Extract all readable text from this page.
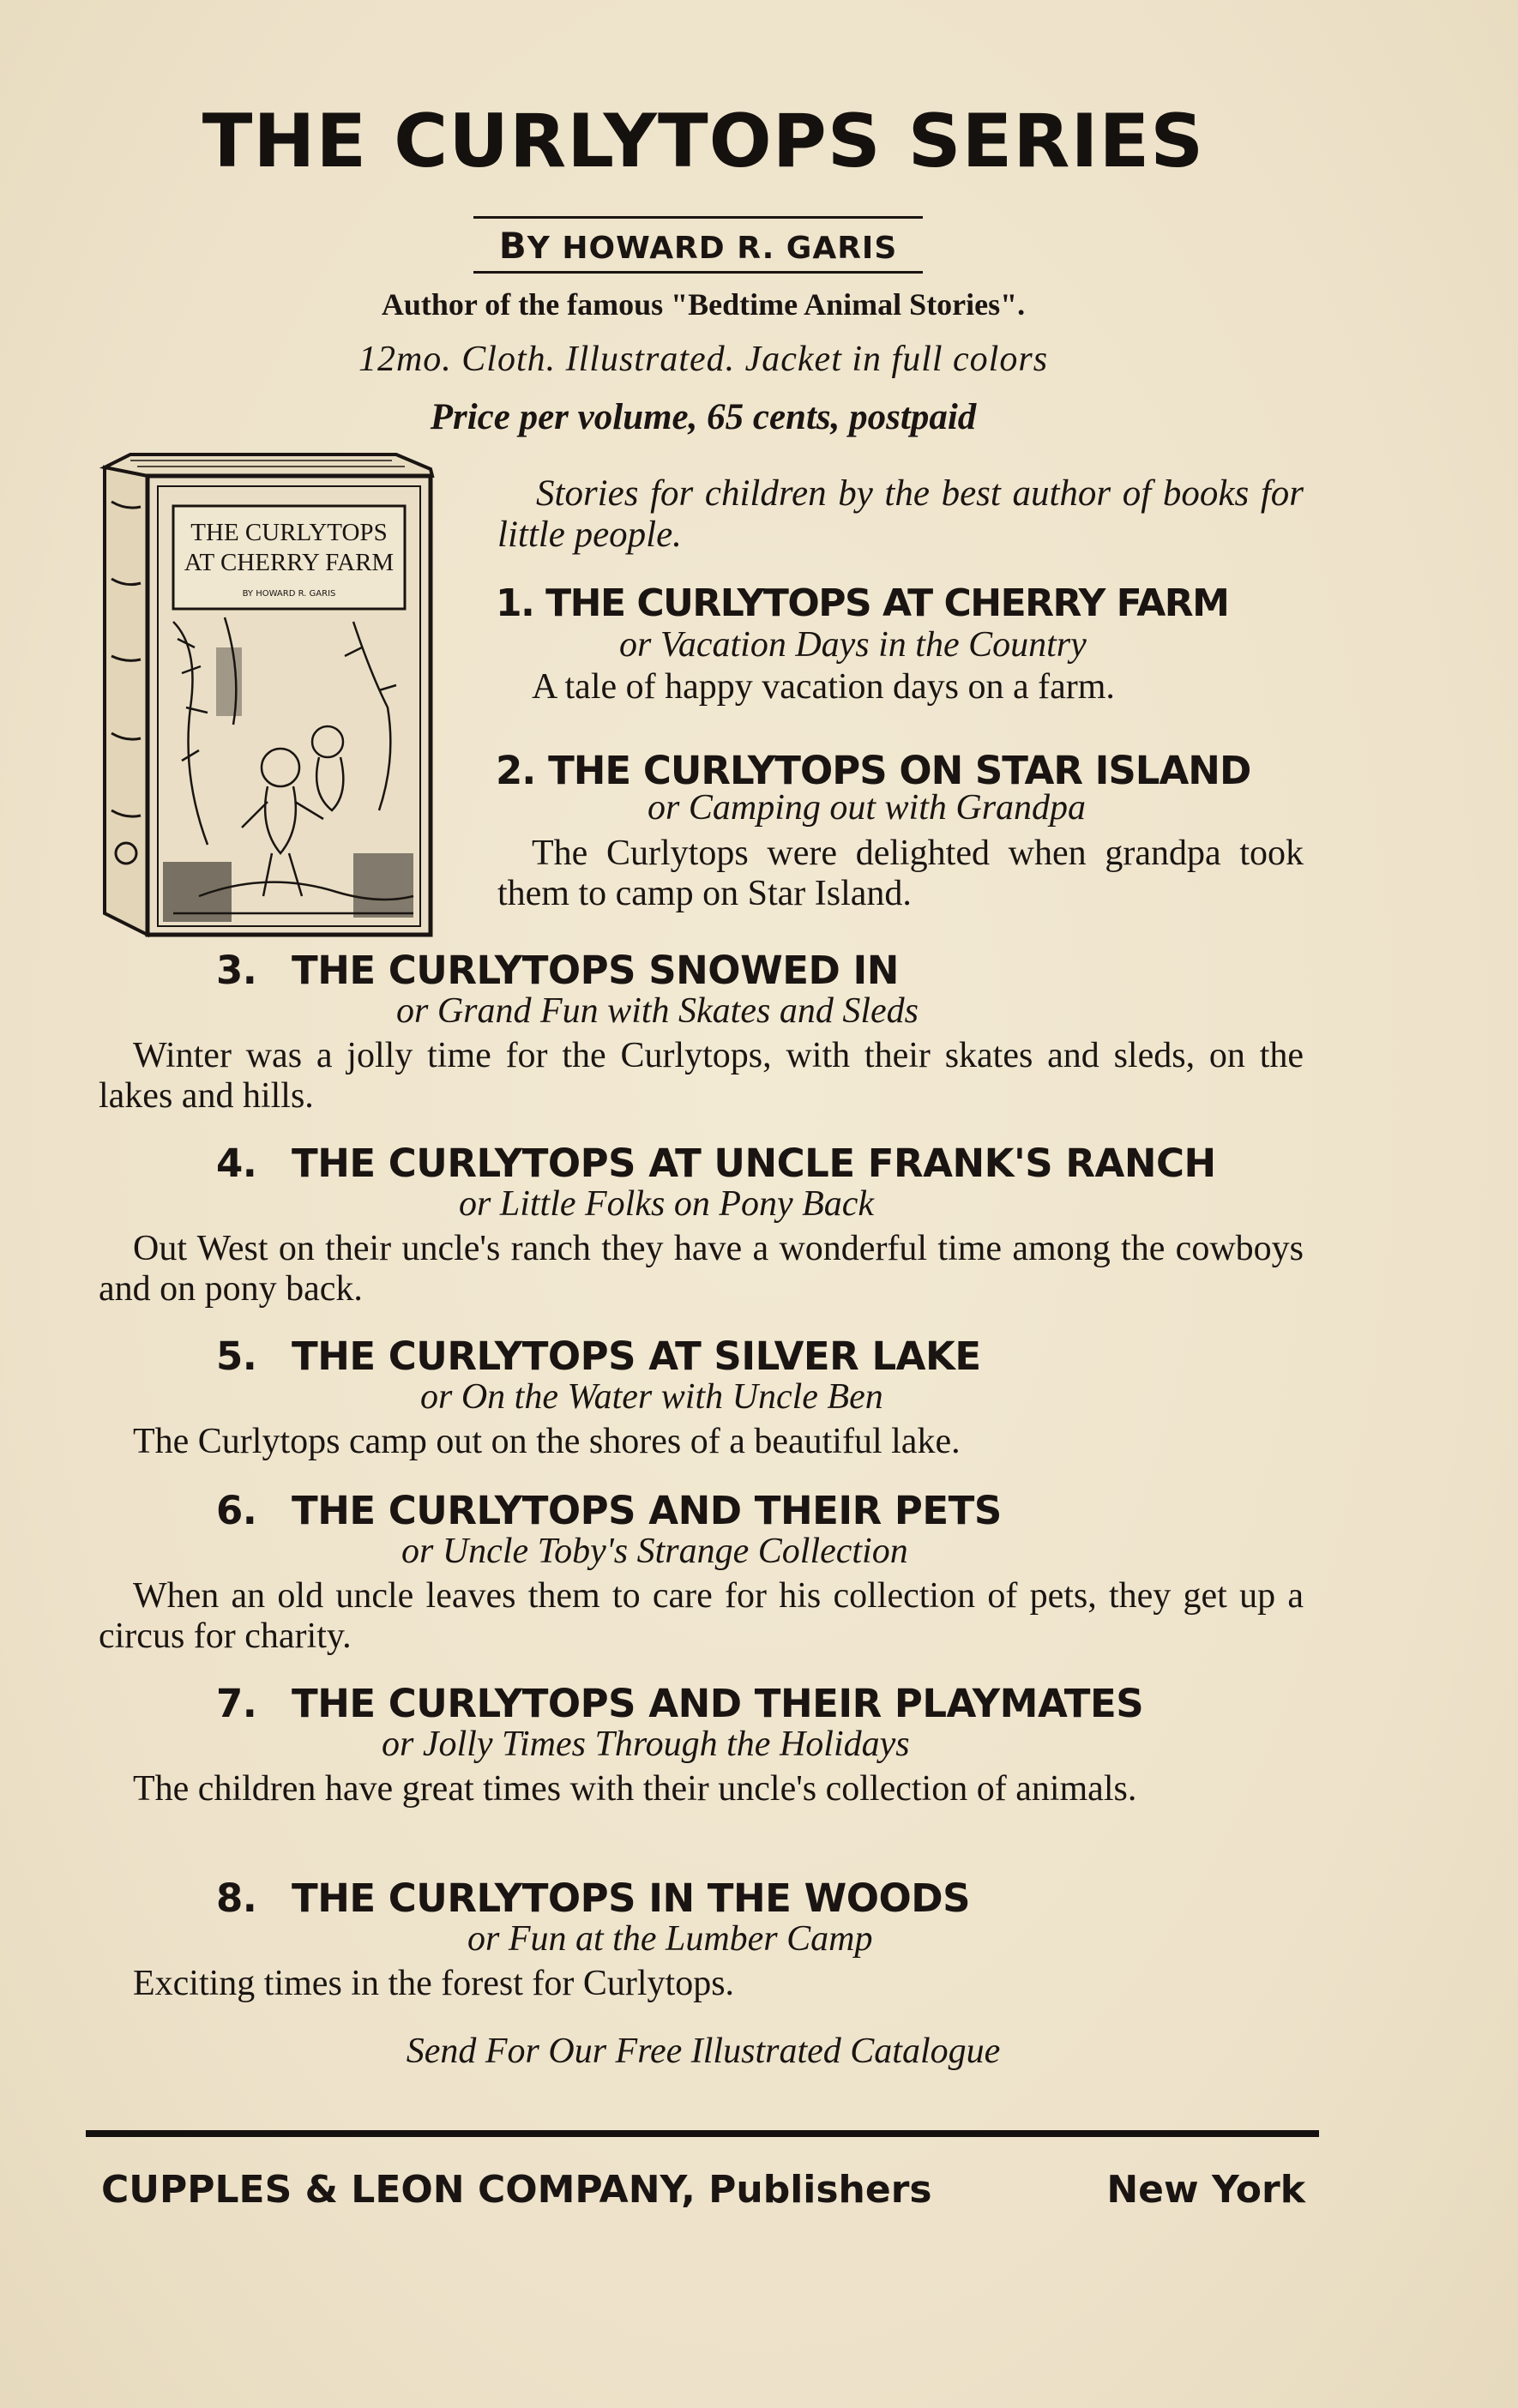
THE CURLYTOPS SERIES
BY HOWARD R. GARIS
Author of the famous "Bedtime Animal Stories".
12mo. Cloth. Illustrated. Jacket in full colors
Price per volume, 65 cents, postpaid
THE CURLYTOPS
AT CHERRY FARM
BY HOWARD R. GARIS

Stories for children by the best author of books for little people.

1. THE CURLYTOPS AT CHERRY FARM
or Vacation Days in the Country

A tale of happy vacation days on a farm.

2. THE CURLYTOPS ON STAR ISLAND
or Camping out with Grandpa

The Curlytops were delighted when grandpa took them to camp on Star Island.

3. THE CURLYTOPS SNOWED IN
or Grand Fun with Skates and Sleds

Winter was a jolly time for the Curlytops, with their skates and sleds, on the lakes and hills.

4. THE CURLYTOPS AT UNCLE FRANK'S RANCH
or Little Folks on Pony Back

Out West on their uncle's ranch they have a wonderful time among the cowboys and on pony back.

5. THE CURLYTOPS AT SILVER LAKE
or On the Water with Uncle Ben

The Curlytops camp out on the shores of a beautiful lake.

6. THE CURLYTOPS AND THEIR PETS
or Uncle Toby's Strange Collection

When an old uncle leaves them to care for his collection of pets, they get up a circus for charity.

7. THE CURLYTOPS AND THEIR PLAYMATES
or Jolly Times Through the Holidays

The children have great times with their uncle's collection of animals.

8. THE CURLYTOPS IN THE WOODS
or Fun at the Lumber Camp

Exciting times in the forest for Curlytops.

Send For Our Free Illustrated Catalogue
CUPPLES & LEON COMPANY, Publishers	New York
